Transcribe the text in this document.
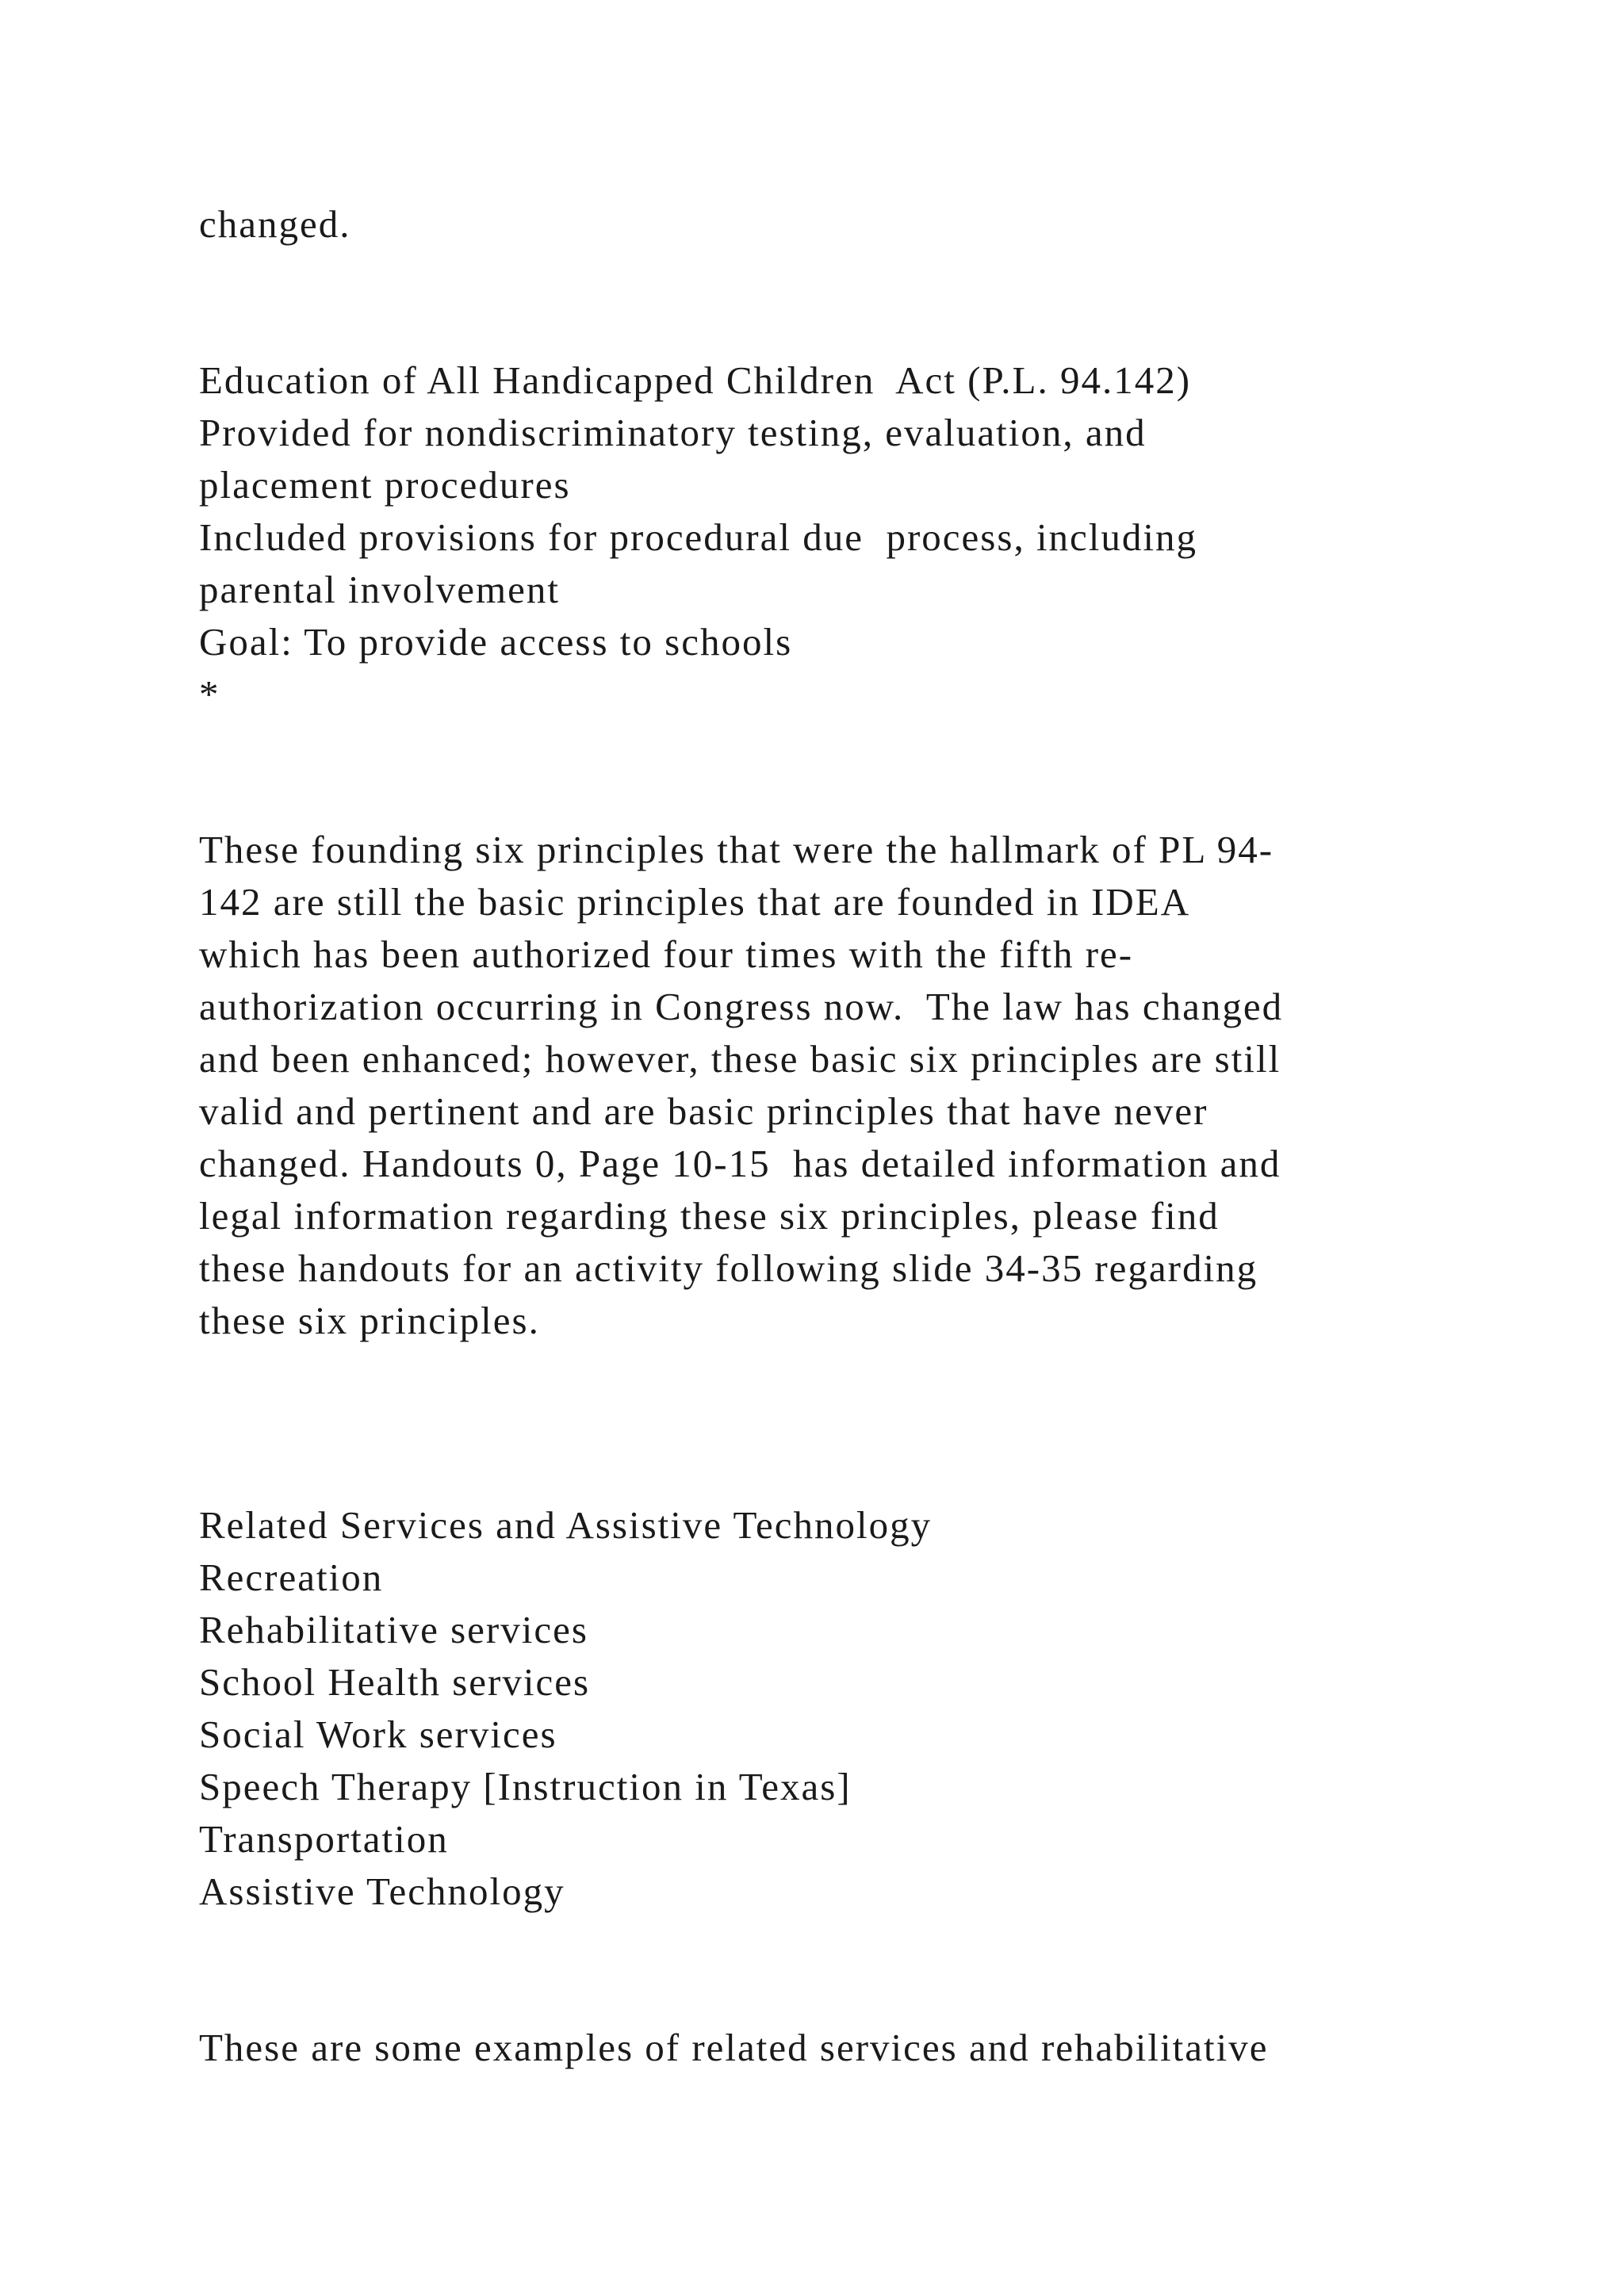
changed.

Education of All Handicapped Children  Act (P.L. 94.142)

Provided for nondiscriminatory testing, evaluation, and

placement procedures

Included provisions for procedural due  process, including

parental involvement

Goal: To provide access to schools

*

These founding six principles that were the hallmark of PL 94-

142 are still the basic principles that are founded in IDEA

which has been authorized four times with the fifth re-

authorization occurring in Congress now.  The law has changed

and been enhanced; however, these basic six principles are still

valid and pertinent and are basic principles that have never

changed. Handouts 0, Page 10-15  has detailed information and

legal information regarding these six principles, please find

these handouts for an activity following slide 34-35 regarding

these six principles.

Related Services and Assistive Technology

Recreation

Rehabilitative services

School Health services

Social Work services

Speech Therapy [Instruction in Texas]

Transportation

Assistive Technology

These are some examples of related services and rehabilitative
